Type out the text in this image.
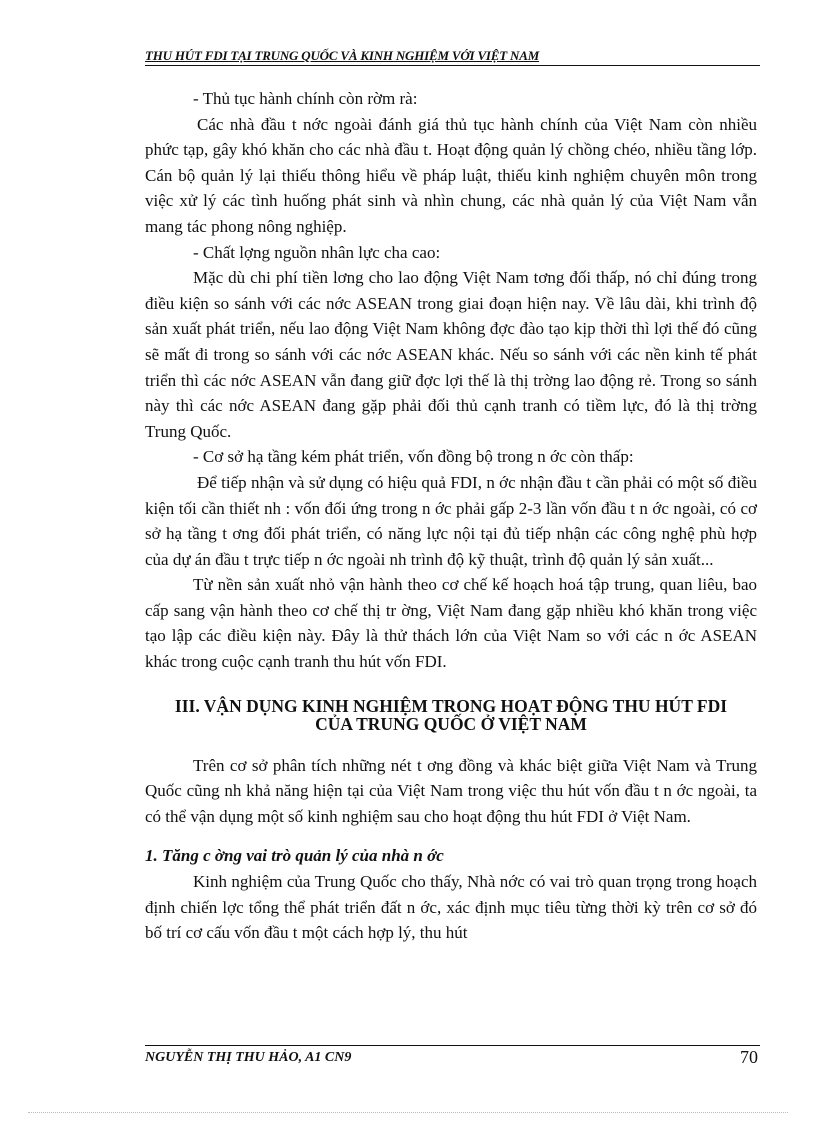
THU HÚT FDI TẠI TRUNG QUỐC VÀ KINH NGHIỆM VỚI VIỆT NAM

- Thủ tục hành chính còn rờm rà:

Các nhà đầu t nớc ngoài đánh giá thủ tục hành chính của Việt Nam còn nhiều phức tạp, gây khó khăn cho các nhà đầu t. Hoạt động quản lý chồng chéo, nhiều tầng lớp. Cán bộ quản lý lại thiếu thông hiểu về pháp luật, thiếu kinh nghiệm chuyên môn trong việc xử lý các tình huống phát sinh và nhìn chung, các nhà quản lý của Việt Nam vẫn mang tác phong nông nghiệp.

- Chất lợng nguồn nhân lực cha cao:

Mặc dù chi phí tiền lơng cho lao động Việt Nam tơng đối thấp, nó chỉ đúng trong điều kiện so sánh với các nớc ASEAN trong giai đoạn hiện nay. Về lâu dài, khi trình độ sản xuất phát triển, nếu lao động Việt Nam không đợc đào tạo kịp thời thì lợi thế đó cũng sẽ mất đi trong so sánh với các nớc ASEAN khác. Nếu so sánh với các nền kinh tế phát triển thì các nớc ASEAN vẫn đang giữ đợc lợi thế là thị trờng lao động rẻ. Trong so sánh này thì các nớc ASEAN đang gặp phải đối thủ cạnh tranh có tiềm lực, đó là thị trờng Trung Quốc.

- Cơ sở hạ tầng kém phát triển, vốn đồng bộ trong n ớc còn thấp:

Để tiếp nhận và sử dụng có hiệu quả FDI, n ớc nhận đầu t cần phải có một số điều kiện tối cần thiết nh : vốn đối ứng trong n ớc phải gấp 2-3 lần vốn đầu t n ớc ngoài, có cơ sở hạ tầng t ơng đối phát triển, có năng lực nội tại đủ tiếp nhận các công nghệ phù hợp của dự án đầu t trực tiếp n ớc ngoài nh trình độ kỹ thuật, trình độ quản lý sản xuất...

Từ nền sản xuất nhỏ vận hành theo cơ chế kế hoạch hoá tập trung, quan liêu, bao cấp sang vận hành theo cơ chế thị tr ờng, Việt Nam đang gặp nhiều khó khăn trong việc tạo lập các điều kiện này. Đây là thử thách lớn của Việt Nam so với các n ớc ASEAN khác trong cuộc cạnh tranh thu hút vốn FDI.

III. VẬN DỤNG KINH NGHIỆM TRONG HOẠT ĐỘNG THU HÚT FDI
CỦA TRUNG QUỐC Ở VIỆT NAM

Trên cơ sở phân tích những nét t ơng đồng và khác biệt giữa Việt Nam và Trung Quốc cũng nh khả năng hiện tại của Việt Nam trong việc thu hút vốn đầu t n ớc ngoài, ta có thể vận dụng một số kinh nghiệm sau cho hoạt động thu hút FDI ở Việt Nam.

1. Tăng c ờng vai trò quản lý của nhà n ớc

Kinh nghiệm của Trung Quốc cho thấy, Nhà nớc có vai trò quan trọng trong hoạch định chiến lợc tổng thể phát triển đất n ớc, xác định mục tiêu từng thời kỳ trên cơ sở đó bố trí cơ cấu vốn đầu t một cách hợp lý, thu hút

NGUYỄN THỊ THU HẢO, A1 CN9	70
